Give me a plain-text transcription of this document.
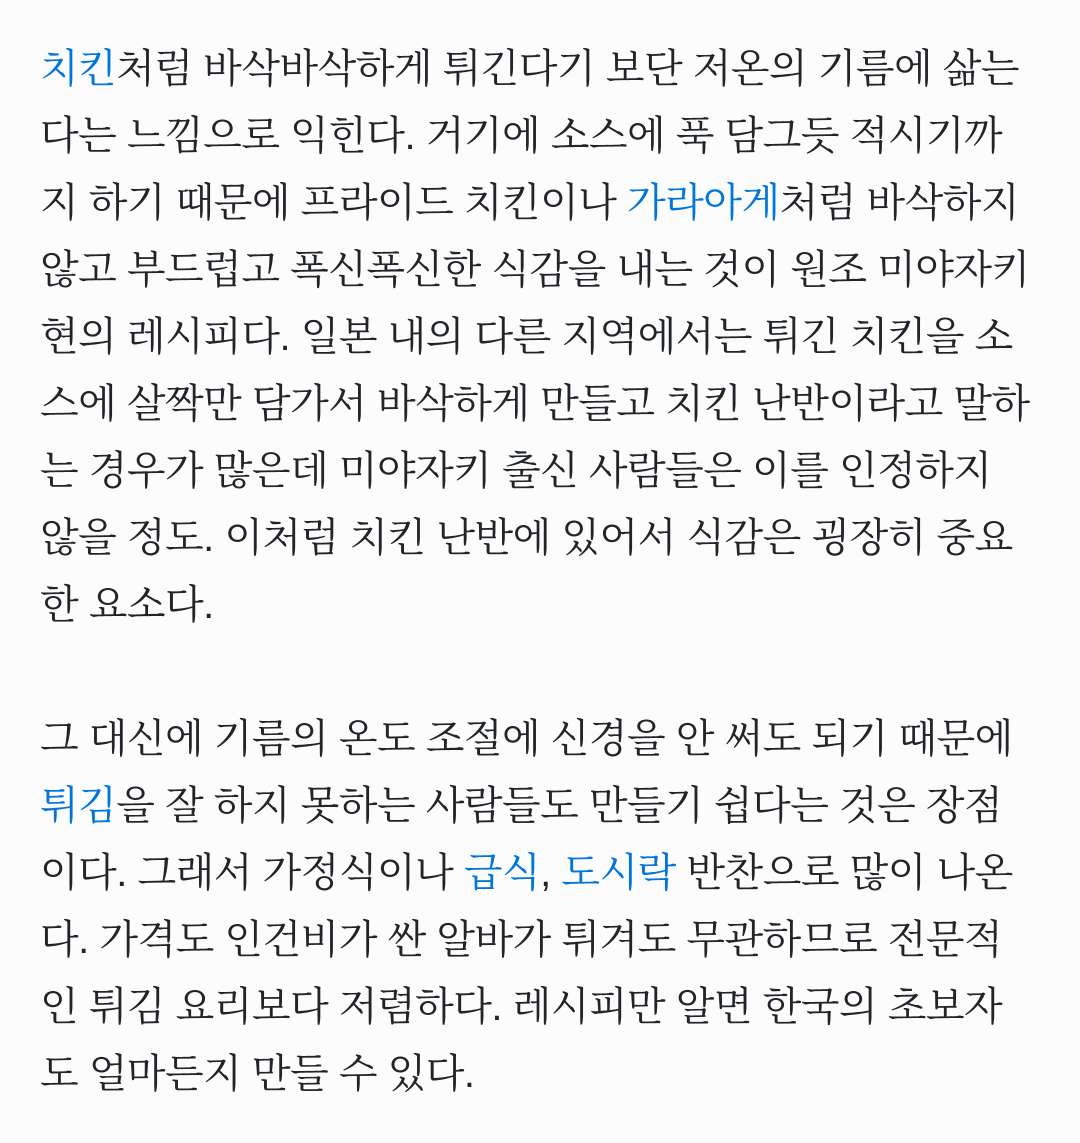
치킨처럼 바삭바삭하게 튀긴다기 보단 저온의 기름에 삶는다는 느낌으로 익힌다. 거기에 소스에 푹 담그듯 적시기까지 하기 때문에 프라이드 치킨이나 가라아게처럼 바삭하지 않고 부드럽고 폭신폭신한 식감을 내는 것이 원조 미야자키 현의 레시피다. 일본 내의 다른 지역에서는 튀긴 치킨을 소스에 살짝만 담가서 바삭하게 만들고 치킨 난반이라고 말하는 경우가 많은데 미야자키 출신 사람들은 이를 인정하지 않을 정도. 이처럼 치킨 난반에 있어서 식감은 굉장히 중요한 요소다.

그 대신에 기름의 온도 조절에 신경을 안 써도 되기 때문에 튀김을 잘 하지 못하는 사람들도 만들기 쉽다는 것은 장점이다. 그래서 가정식이나 급식, 도시락 반찬으로 많이 나온다. 가격도 인건비가 싼 알바가 튀겨도 무관하므로 전문적인 튀김 요리보다 저렴하다. 레시피만 알면 한국의 초보자도 얼마든지 만들 수 있다.
